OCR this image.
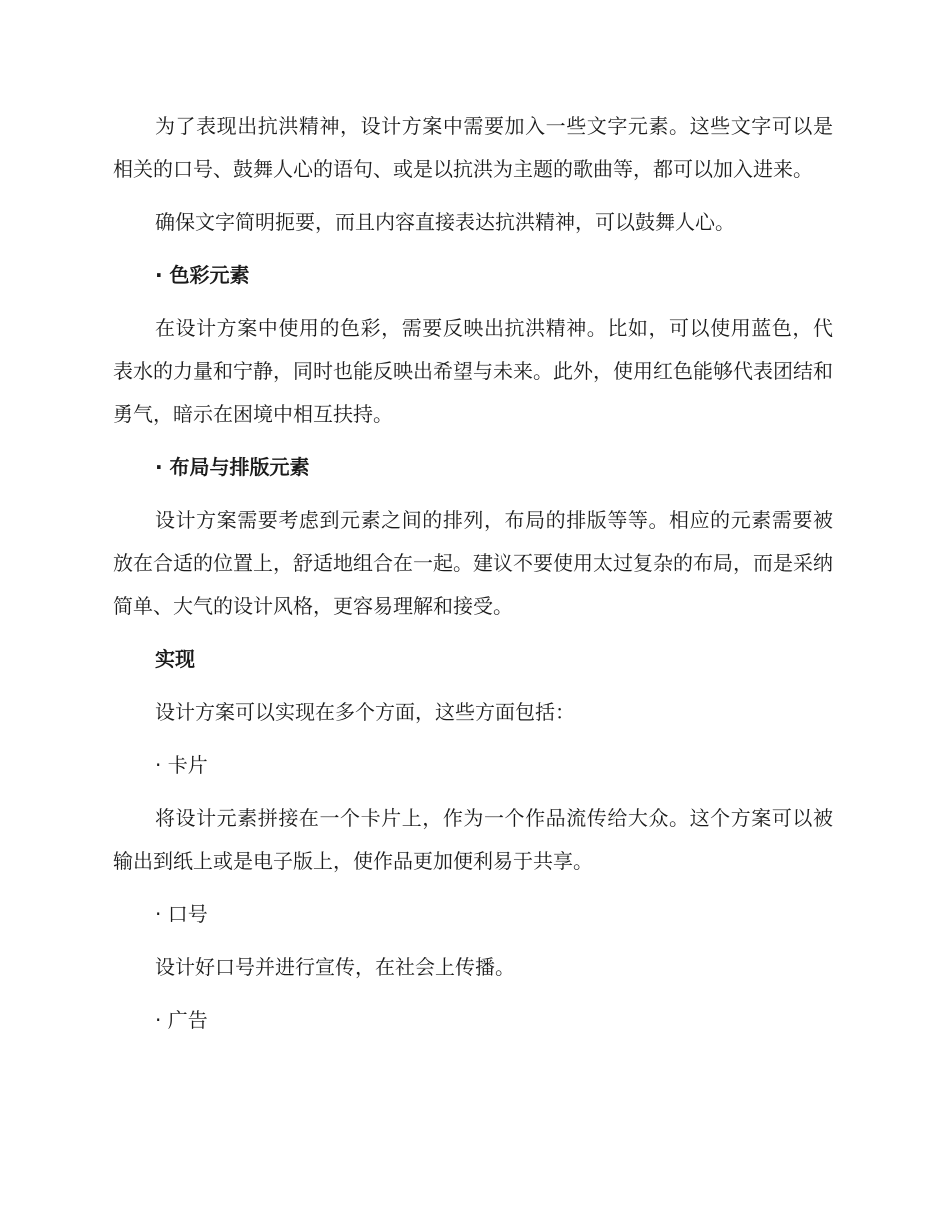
为了表现出抗洪精神，设计方案中需要加入一些文字元素。这些文字可以是相关的口号、鼓舞人心的语句、或是以抗洪为主题的歌曲等，都可以加入进来。

确保文字简明扼要，而且内容直接表达抗洪精神，可以鼓舞人心。

· 色彩元素

在设计方案中使用的色彩，需要反映出抗洪精神。比如，可以使用蓝色，代表水的力量和宁静，同时也能反映出希望与未来。此外，使用红色能够代表团结和勇气，暗示在困境中相互扶持。

· 布局与排版元素

设计方案需要考虑到元素之间的排列，布局的排版等等。相应的元素需要被放在合适的位置上，舒适地组合在一起。建议不要使用太过复杂的布局，而是采纳简单、大气的设计风格，更容易理解和接受。

实现

设计方案可以实现在多个方面，这些方面包括：

· 卡片

将设计元素拼接在一个卡片上，作为一个作品流传给大众。这个方案可以被输出到纸上或是电子版上，使作品更加便利易于共享。

· 口号

设计好口号并进行宣传，在社会上传播。

· 广告
